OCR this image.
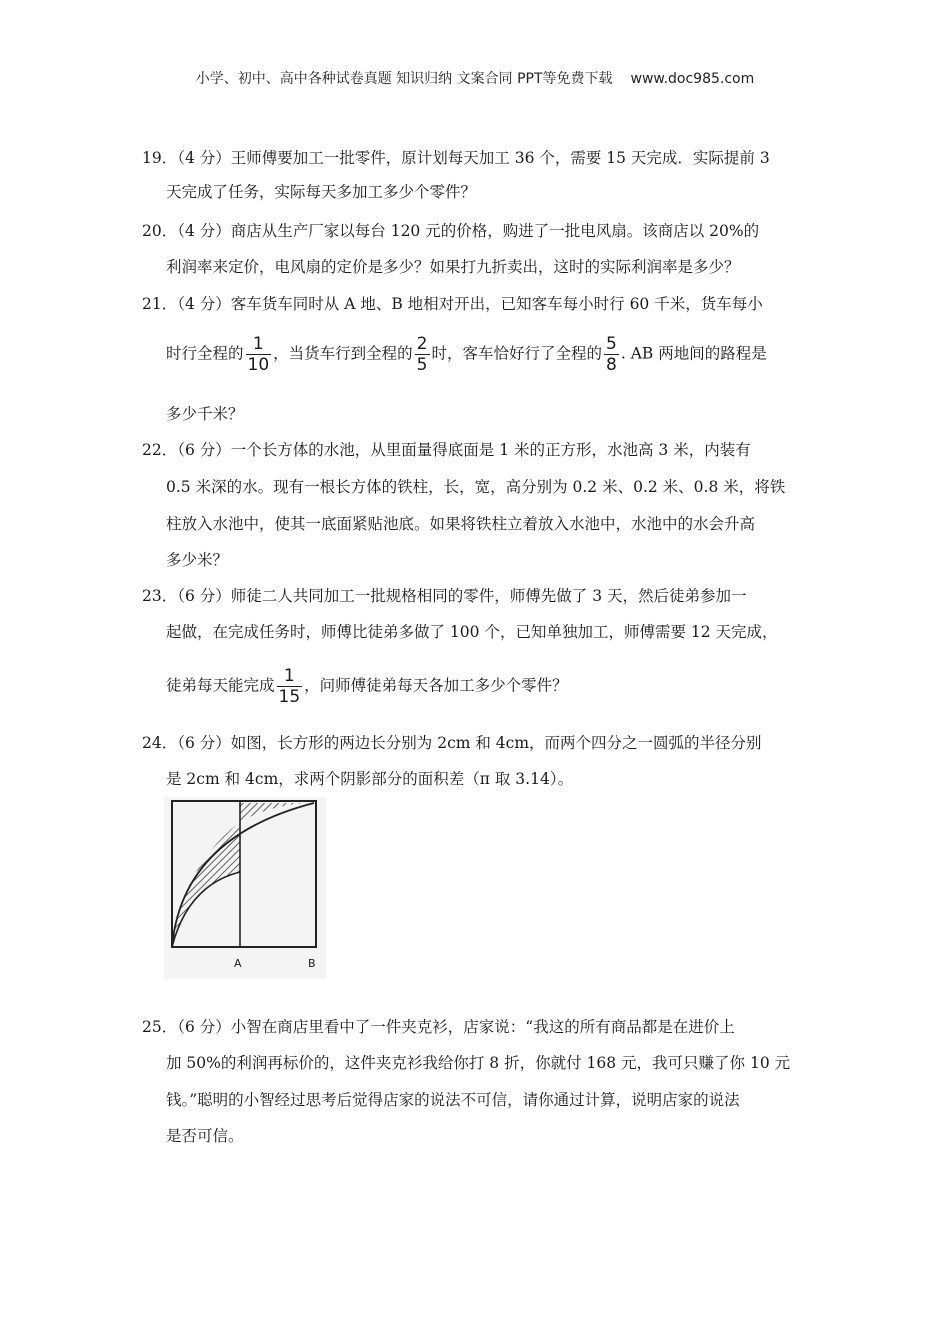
小学、初中、高中各种试卷真题 知识归纳 文案合同 PPT等免费下载 www.doc985.com
19．（4 分）王师傅要加工一批零件，原计划每天加工 36 个，需要 15 天完成．实际提前 3
天完成了任务，实际每天多加工多少个零件？
20．（4 分）商店从生产厂家以每台 120 元的价格，购进了一批电风扇。该商店以 20%的
利润率来定价，电风扇的定价是多少？如果打九折卖出，这时的实际利润率是多少？
21．（4 分）客车货车同时从 A 地、B 地相对开出，已知客车每小时行 60 千米，货车每小
时行全程的 $\frac{1}{10}$ ，当货车行到全程的 $\frac{2}{5}$ 时，客车恰好行了全程的 $\frac{5}{8}$ . AB 两地间的路程是
多少千米？
22．（6 分）一个长方体的水池，从里面量得底面是 1 米的正方形，水池高 3 米，内装有
0.5 米深的水。现有一根长方体的铁柱，长，宽，高分别为 0.2 米、0.2 米、0.8 米，将铁
柱放入水池中，使其一底面紧贴池底。如果将铁柱立着放入水池中，水池中的水会升高
多少米？
23．（6 分）师徒二人共同加工一批规格相同的零件，师傅先做了 3 天，然后徒弟参加一
起做，在完成任务时，师傅比徒弟多做了 100 个，已知单独加工，师傅需要 12 天完成，
徒弟每天能完成 $\frac{1}{15}$ ，问师傅徒弟每天各加工多少个零件？
24．（6 分）如图，长方形的两边长分别为 2cm 和 4cm，而两个四分之一圆弧的半径分别
是 2cm 和 4cm，求两个阴影部分的面积差（π 取 3.14）。
A	B
25．（6 分）小智在商店里看中了一件夹克衫，店家说：“我这的所有商品都是在进价上
加 50%的利润再标价的，这件夹克衫我给你打 8 折，你就付 168 元，我可只赚了你 10 元
钱。”聪明的小智经过思考后觉得店家的说法不可信，请你通过计算，说明店家的说法
是否可信。
